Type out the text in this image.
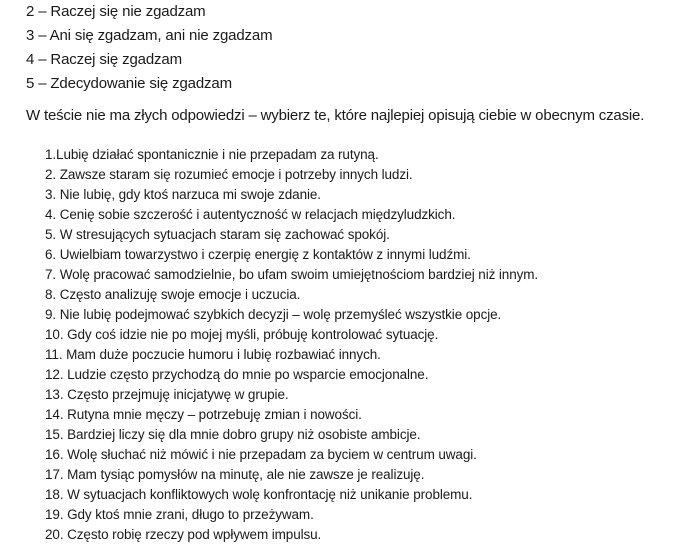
2 – Raczej się nie zgadzam
3 – Ani się zgadzam, ani nie zgadzam
4 – Raczej się zgadzam
5 – Zdecydowanie się zgadzam
W teście nie ma złych odpowiedzi – wybierz te, które najlepiej opisują ciebie w obecnym czasie.
1.Lubię działać spontanicznie i nie przepadam za rutyną.
2. Zawsze staram się rozumieć emocje i potrzeby innych ludzi.
3. Nie lubię, gdy ktoś narzuca mi swoje zdanie.
4. Cenię sobie szczerość i autentyczność w relacjach międzyludzkich.
5. W stresujących sytuacjach staram się zachować spokój.
6. Uwielbiam towarzystwo i czerpię energię z kontaktów z innymi ludźmi.
7. Wolę pracować samodzielnie, bo ufam swoim umiejętnościom bardziej niż innym.
8. Często analizuję swoje emocje i uczucia.
9. Nie lubię podejmować szybkich decyzji – wolę przemyśleć wszystkie opcje.
10. Gdy coś idzie nie po mojej myśli, próbuję kontrolować sytuację.
11. Mam duże poczucie humoru i lubię rozbawiać innych.
12. Ludzie często przychodzą do mnie po wsparcie emocjonalne.
13. Często przejmuję inicjatywę w grupie.
14. Rutyna mnie męczy – potrzebuję zmian i nowości.
15. Bardziej liczy się dla mnie dobro grupy niż osobiste ambicje.
16. Wolę słuchać niż mówić i nie przepadam za byciem w centrum uwagi.
17. Mam tysiąc pomysłów na minutę, ale nie zawsze je realizuję.
18. W sytuacjach konfliktowych wolę konfrontację niż unikanie problemu.
19. Gdy ktoś mnie zrani, długo to przeżywam.
20. Często robię rzeczy pod wpływem impulsu.
